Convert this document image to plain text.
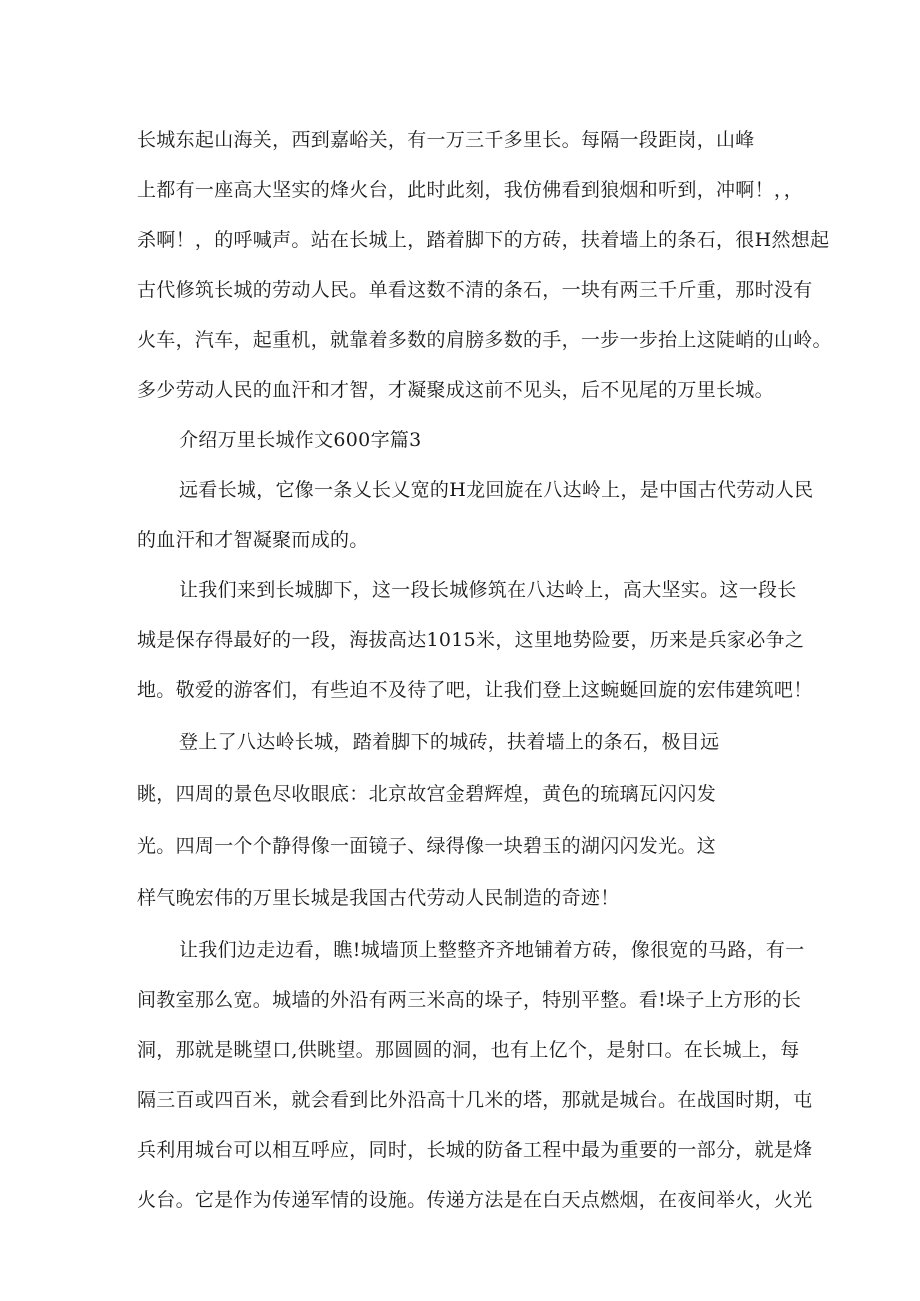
长城东起山海关，西到嘉峪关，有一万三千多里长。每隔一段距岗，山峰
上都有一座高大坚实的烽火台，此时此刻，我仿佛看到狼烟和听到，冲啊！，，
杀啊！，的呼喊声。站在长城上，踏着脚下的方砖，扶着墙上的条石，很H然想起
古代修筑长城的劳动人民。单看这数不清的条石，一块有两三千斤重，那时没有
火车，汽车，起重机，就靠着多数的肩膀多数的手，一步一步抬上这陡峭的山岭。
多少劳动人民的血汗和才智，才凝聚成这前不见头，后不见尾的万里长城。
介绍万里长城作文600字篇3
远看长城，它像一条乂长乂宽的H龙回旋在八达岭上，是中国古代劳动人民
的血汗和才智凝聚而成的。
让我们来到长城脚下，这一段长城修筑在八达岭上，高大坚实。这一段长
城是保存得最好的一段，海拔高达1015米，这里地势险要，历来是兵家必争之
地。敬爱的游客们，有些迫不及待了吧，让我们登上这蜿蜒回旋的宏伟建筑吧！
登上了八达岭长城，踏着脚下的城砖，扶着墙上的条石，极目远
眺，四周的景色尽收眼底：北京故宫金碧辉煌，黄色的琉璃瓦闪闪发
光。四周一个个静得像一面镜子、绿得像一块碧玉的湖闪闪发光。这
样气晚宏伟的万里长城是我国古代劳动人民制造的奇迹！
让我们边走边看，瞧!城墙顶上整整齐齐地铺着方砖，像很宽的马路，有一
间教室那么宽。城墙的外沿有两三米高的垛子，特别平整。看!垛子上方形的长
洞，那就是眺望口,供眺望。那圆圆的洞，也有上亿个，是射口。在长城上，每
隔三百或四百米，就会看到比外沿高十几米的塔，那就是城台。在战国时期，屯
兵利用城台可以相互呼应，同时，长城的防备工程中最为重要的一部分，就是烽
火台。它是作为传递军情的设施。传递方法是在白天点燃烟，在夜间举火，火光
